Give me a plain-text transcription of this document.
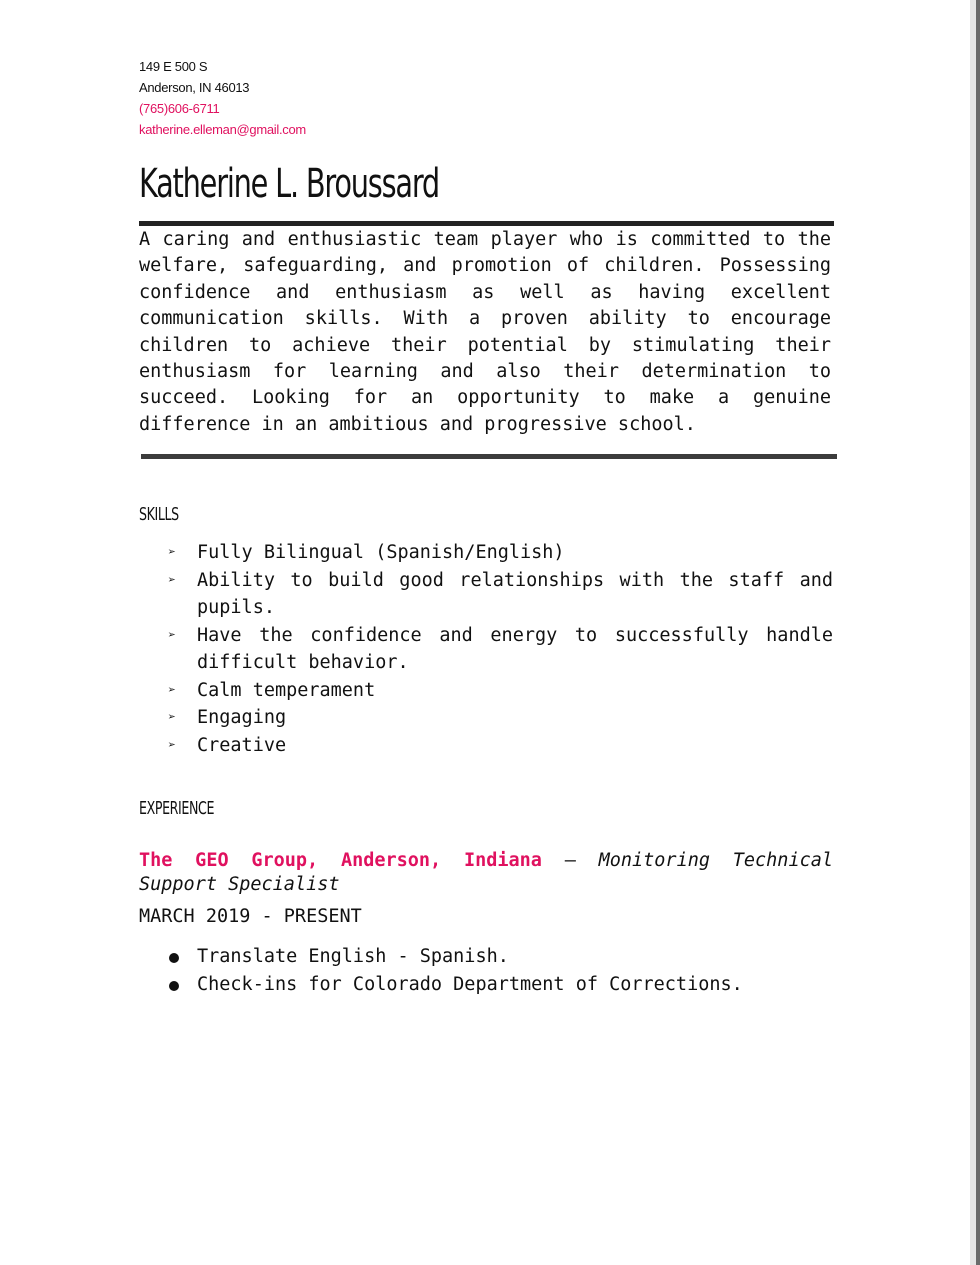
149 E 500 S
Anderson, IN 46013
(765)606-6711
katherine.elleman@gmail.com
Katherine L. Broussard
A caring and enthusiastic team player who is committed to the welfare, safeguarding, and promotion of children. Possessing confidence and enthusiasm as well as having excellent communication skills. With a proven ability to encourage children to achieve their potential by stimulating their enthusiasm for learning and also their determination to succeed. Looking for an opportunity to make a genuine difference in an ambitious and progressive school.
SKILLS
➢ Fully Bilingual (Spanish/English)
➢ Ability to build good relationships with the staff and pupils.
➢ Have the confidence and energy to successfully handle difficult behavior.
➢ Calm temperament
➢ Engaging
➢ Creative
EXPERIENCE
The GEO Group, Anderson, Indiana — Monitoring Technical Support Specialist
MARCH 2019 - PRESENT
Translate English - Spanish.
Check-ins for Colorado Department of Corrections.
